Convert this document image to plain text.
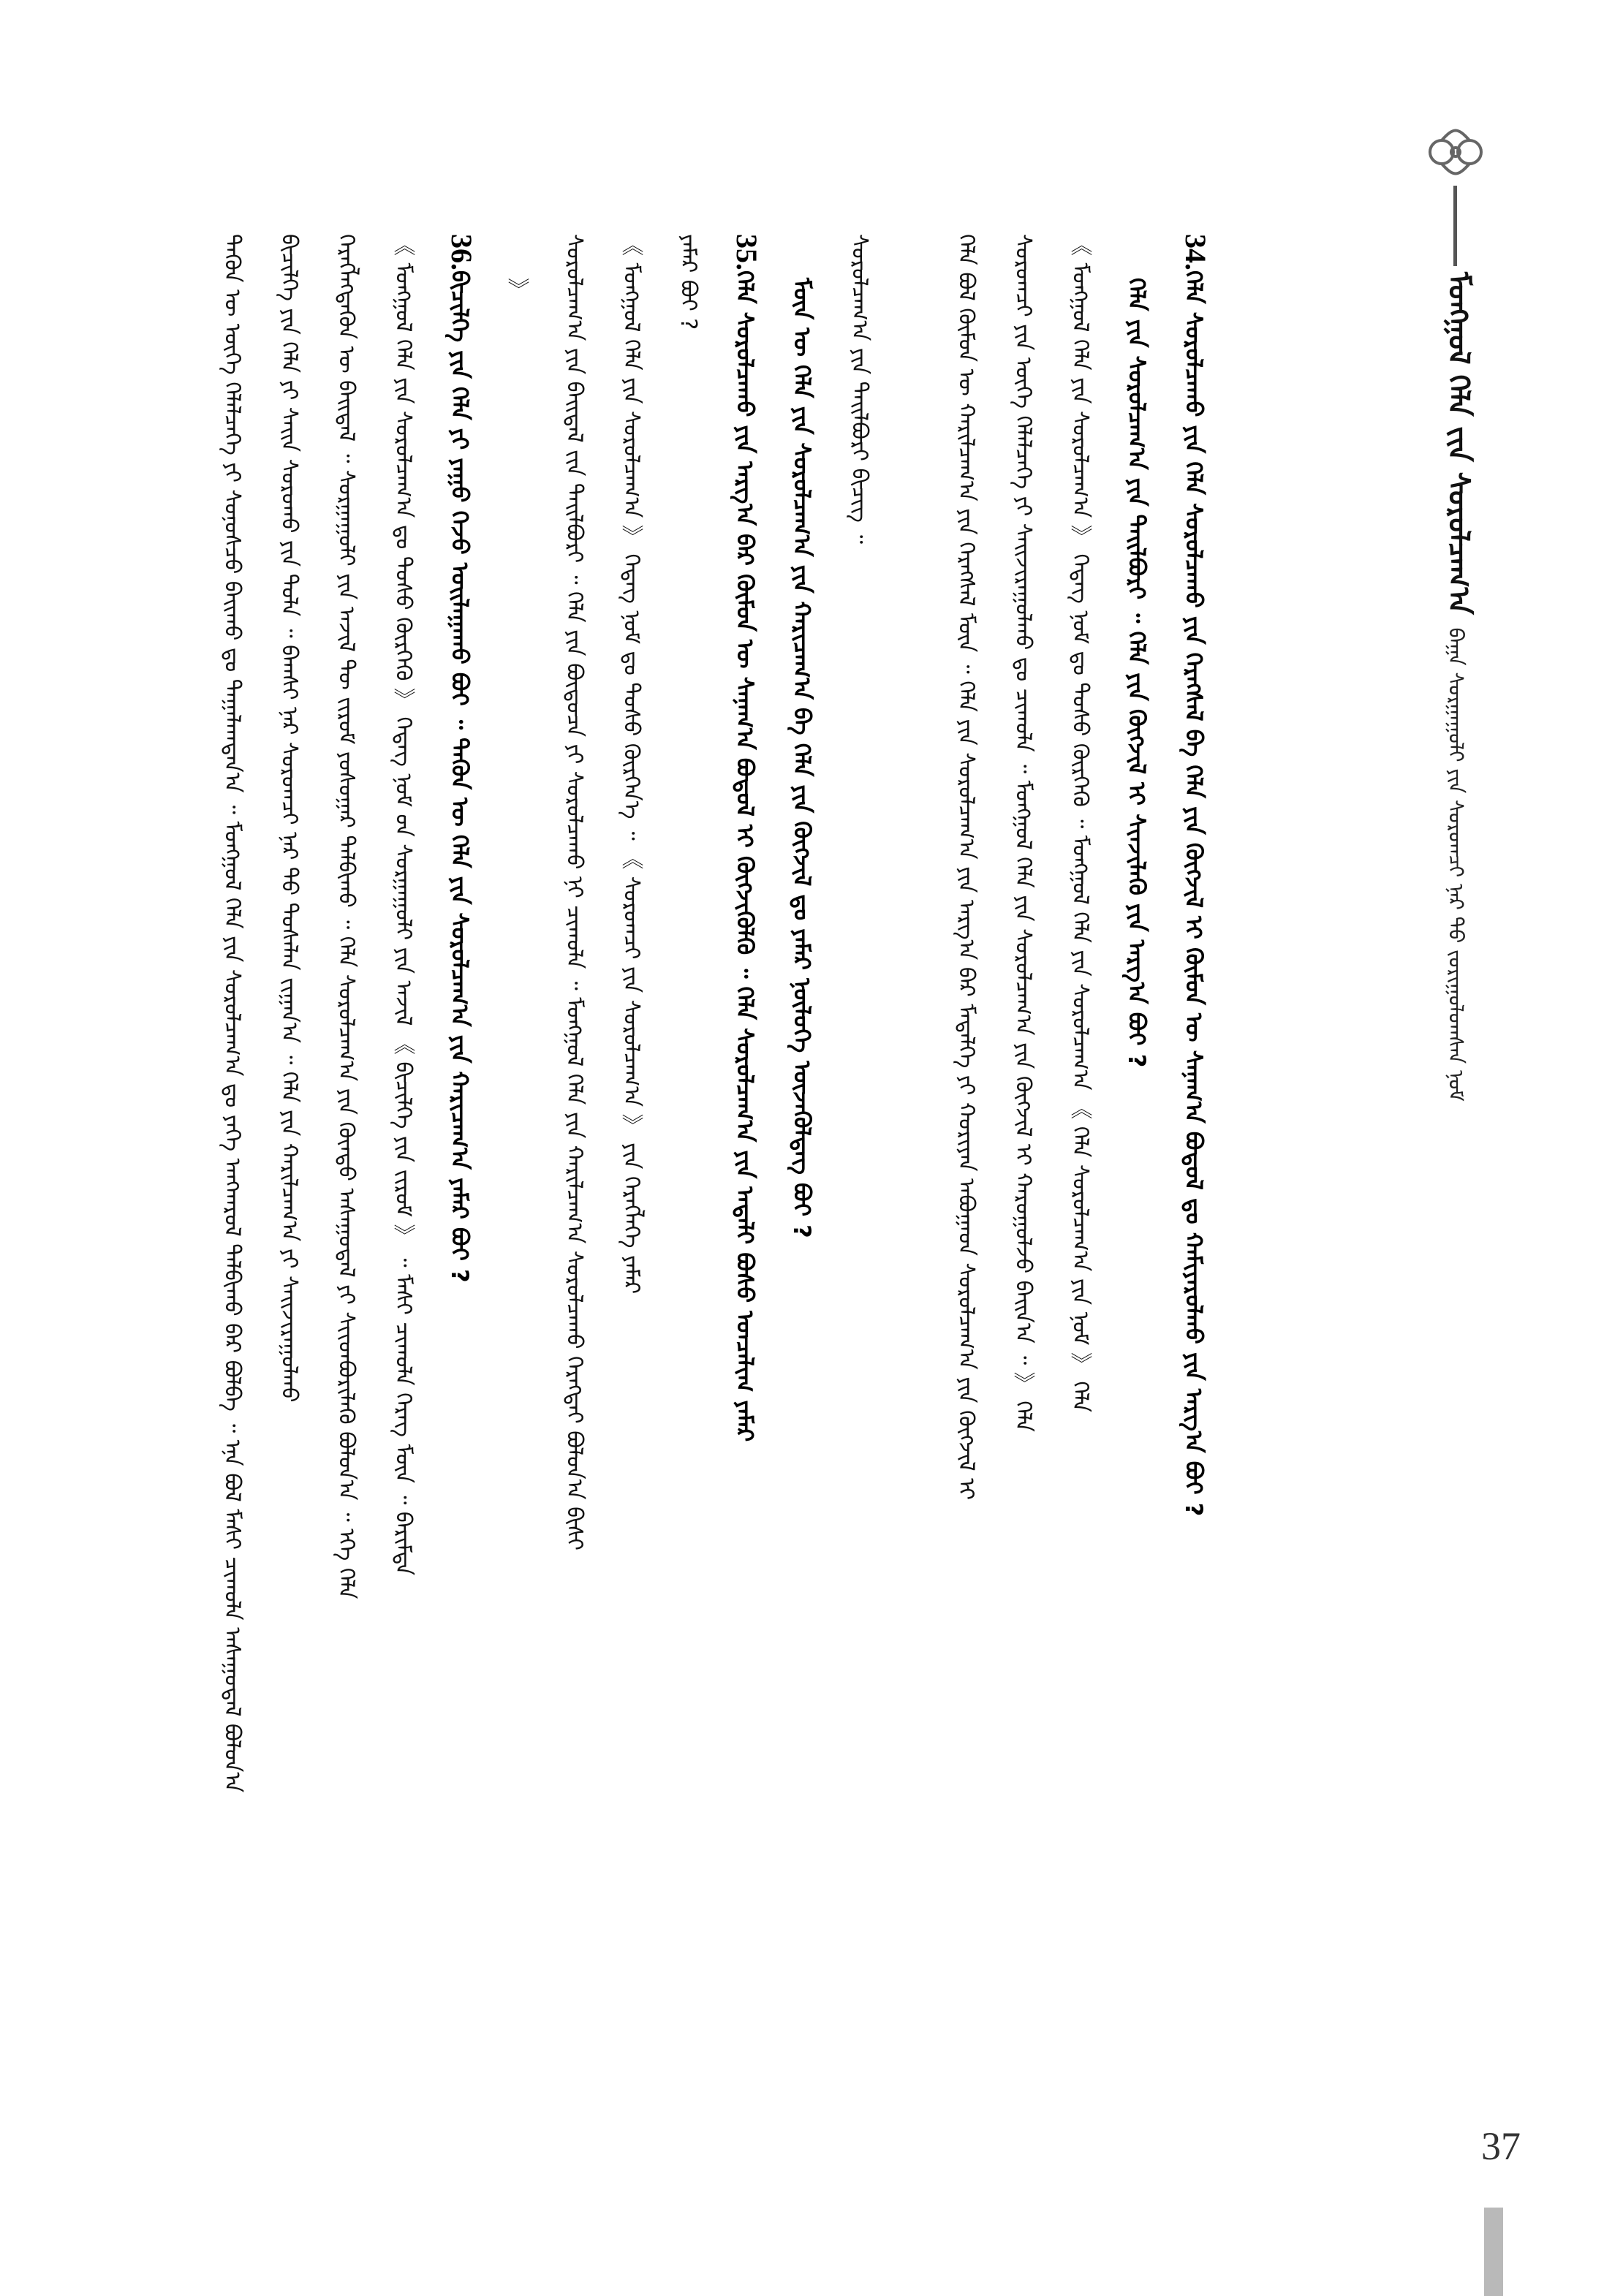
ᠮᠣᠩᠭᠣᠯ ᠬᠡᠯᠡ ᠵᠢᠨ ᠰᠤᠷᠤᠯᠴᠠᠭ᠎ᠠ  ᠪᠠᠭᠠ ᠰᠤᠷᠭᠠᠭᠤᠯᠢ ᠶᠢᠨ ᠰᠤᠷᠤᠭᠴᠢ ᠨᠠᠷ ᠲᠤ᠌ ᠵᠣᠷᠢᠭᠤᠯᠤᠭᠰᠠᠨ ᠨᠣᠮ
ᠲᠡᠭᠦᠨ ᠦ ᠦᠭᠡ ᠬᠡᠯᠡᠯᠴᠡᠭᠡ ᠶᠢ ᠰᠣᠨᠣᠰᠴᠤ ᠪᠠᠢᠬᠤ ᠳᠤ ᠲᠠᠭᠠᠯᠠᠭᠳᠠᠨ᠎ᠠ ᠃ ᠮᠣᠩᠭᠣᠯ ᠬᠡᠯᠡ ᠶᠢᠨ ᠰᠤᠷᠤᠯᠴᠠᠭ᠎ᠠ ᠳᠤ ᠶᠡᠬᠡ ᠠᠨᠭᠬᠠᠷᠤᠯ ᠲᠠᠯᠪᠢᠬᠤ ᠪᠡᠷ ᠪᠣᠯᠪᠠ ᠃ ᠡᠨᠡ ᠪᠣᠯ ᠮᠠᠰᠢ ᠴᠢᠬᠤᠯᠠ ᠠᠰᠠᠭᠤᠳᠠᠯ ᠪᠣᠯᠤᠨ᠎ᠠ	ᠪᠢᠴᠢᠯᠭᠡ ᠶᠢᠨ ᠬᠡᠯᠡ ᠶᠢ ᠰᠠᠢᠨ ᠰᠤᠷᠤᠬᠤ ᠶᠢᠨ ᠲᠤᠯᠠ ᠃ ᠪᠠᠭᠰᠢ ᠨᠠᠷ ᠰᠤᠷᠤᠭᠴᠢ ᠨᠠᠷ ᠲᠤ᠌ ᠲᠤᠰᠠᠯᠠᠨ ᠵᠢᠭᠠᠨ᠎ᠠ ᠃ ᠬᠡᠯᠡ ᠶᠢᠨ ᠬᠠᠷᠢᠯᠴᠠᠭ᠎ᠠ ᠶᠢ ᠰᠠᠢᠵᠢᠷᠠᠭᠤᠯᠬᠤ	ᠬᠡᠷᠡᠭᠯᠡᠭᠳᠡᠬᠦᠨ ᠦ ᠪᠠᠢᠳᠠᠯ ᠃ ᠰᠤᠷᠭᠠᠭᠤᠯᠢ ᠶᠢᠨ ᠠᠵᠢᠯ ᠲᠦ ᠵᠢᠷᠤᠮ ᠶᠣᠰᠣᠭᠠᠷ ᠲᠠᠯᠪᠢᠬᠤ ᠃ ᠬᠡᠯᠡ ᠰᠤᠷᠤᠯᠴᠠᠭ᠎ᠠ ᠶᠢᠨ ᠬᠦᠨᠳᠦ ᠠᠰᠠᠭᠤᠳᠠᠯ ᠶᠢ ᠰᠢᠢᠳᠪᠦᠷᠢᠯᠡᠬᠦ ᠪᠣᠯᠤᠨ᠎ᠠ ᠃ ᠡᠬᠡ ᠬᠡᠯᠡ	《 ᠮᠣᠩᠭᠣᠯ ᠬᠡᠯᠡ ᠶᠢᠨ ᠰᠤᠷᠤᠯᠴᠠᠭ᠎ᠠ ᠳᠤ ᠲᠤᠰᠤ ᠬᠦᠷᠭᠡᠬᠦ 》 ᠭᠡᠳᠡᠭ ᠨᠣᠮ ᠤ᠋ᠨ ᠰᠤᠷᠭᠠᠭᠤᠯᠢ ᠶᠢᠨ ᠠᠵᠢᠯ 《 ᠪᠢᠴᠢᠯᠭᠡ ᠶᠢᠨ ᠵᠢᠷᠤᠮ 》 ᠃ ᠮᠠᠰᠢ ᠴᠢᠬᠤᠯᠠ ᠬᠡᠷᠡᠭ ᠮᠥᠨ ᠃ ᠪᠠᠷᠢᠮᠲᠠ	36.ᠪᠢᠴᠢᠯᠭᠡ ᠶᠢᠨ ᠬᠡᠯᠡ ᠶᠢ ᠶᠠᠭᠤ ᠭᠡᠵᠦ ᠣᠢᠯᠠᠭᠠᠬᠤ ᠪᠣᠢ ᠃ ᠲᠡᠭᠦᠨ ᠦ ᠬᠡᠯᠡ ᠶᠢᠨ ᠰᠤᠷᠤᠯᠴᠠᠭ᠎ᠠ ᠶᠢᠨ ᠬᠠᠷᠢᠴᠠᠭ᠎ᠠ ᠶᠠᠮᠠᠷ ᠪᠣᠢ ?	》	ᠰᠤᠷᠤᠯᠴᠠᠭ᠎ᠠ ᠶᠢᠨ ᠪᠠᠢᠳᠠᠯ ᠵᠢᠨ ᠲᠠᠢᠯᠪᠤᠷᠢ ᠃ ᠬᠡᠯᠡ ᠶᠢᠨ ᠪᠦᠲᠦᠴᠡ ᠶᠢ ᠰᠤᠷᠤᠯᠴᠠᠬᠤ ᠨᠢ ᠴᠢᠬᠤᠯᠠ ᠃ ᠮᠣᠩᠭᠣᠯ ᠬᠡᠯᠡ ᠶᠢᠨ ᠬᠠᠷᠢᠯᠴᠠᠭ᠎ᠠ ᠰᠤᠷᠤᠯᠴᠠᠬᠤ ᠬᠡᠷᠡᠭᠲᠡᠢ ᠪᠣᠯᠤᠨ᠎ᠠ ᠪᠢᠰᠢ	《 ᠮᠣᠩᠭᠣᠯ ᠬᠡᠯᠡ ᠶᠢᠨ ᠰᠤᠷᠤᠯᠴᠠᠭ᠎ᠠ 》 ᠭᠡᠳᠡᠭ ᠨᠣᠮ ᠳᠤ ᠲᠤᠰᠤ ᠬᠦᠷᠭᠡᠨ᠎ᠡ ᠃ 《 ᠰᠤᠷᠤᠭᠴᠢ ᠶᠢᠨ ᠰᠤᠷᠤᠯᠴᠠᠭ᠎ᠠ 》 ᠶᠢᠨ ᠬᠡᠷᠡᠭᠯᠡᠭᠡ ᠶᠠᠮᠠᠷ	ᠶᠠᠮᠠᠷ ᠪᠣᠢ ?	35.ᠬᠡᠯᠡ ᠰᠤᠷᠤᠯᠴᠠᠬᠤ ᠶᠢᠨ ᠠᠷᠭ᠎ᠠ ᠪᠠᠷ ᠬᠦᠮᠦᠨ ᠦ ᠰᠠᠨᠠᠭ᠎ᠠ ᠪᠣᠳᠣᠯ ᠢ ᠬᠥᠭᠵᠢᠭᠦᠯᠬᠦ ᠃ ᠬᠡᠯᠡ ᠰᠤᠷᠤᠯᠴᠠᠭ᠎ᠠ ᠶᠢᠨ ᠠᠳᠠᠯᠢ ᠪᠤᠰᠤ ᠣᠨᠴᠠᠯᠢᠭ ᠶᠠᠮᠠᠷ	ᠮᠥᠨ ᠦ ᠬᠡᠯᠡ ᠶᠢᠨ ᠰᠤᠷᠤᠯᠴᠠᠭ᠎ᠠ ᠶᠢᠨ ᠬᠠᠷᠢᠴᠠᠭ᠎ᠠ ᠪᠠ ᠬᠡᠯᠡ ᠶᠢᠨ ᠬᠥᠭᠵᠢᠯ ᠳᠤ ᠶᠠᠮᠠᠷ ᠨᠥᠯᠦᠭᠡ ᠦᠵᠡᠭᠦᠯᠳᠡᠭ ᠪᠣᠢ ?	ᠰᠤᠷᠤᠯᠴᠠᠭ᠎ᠠ ᠶᠢᠨ ᠲᠠᠢᠯᠪᠤᠷᠢ ᠪᠢᠴᠢᠭ ᠃	ᠬᠡᠯᠡ ᠪᠣᠯ ᠬᠦᠮᠦᠨ ᠦ ᠬᠠᠷᠢᠯᠴᠠᠭ᠎ᠠ ᠶᠢᠨ ᠬᠡᠷᠡᠭᠰᠡᠯ ᠮᠥᠨ ᠃ ᠬᠡᠯᠡ ᠶᠢᠨ ᠰᠤᠷᠤᠯᠴᠠᠭ᠎ᠠ ᠶᠢᠨ ᠠᠷᠭ᠎ᠠ ᠪᠠᠷ ᠮᠡᠳᠡᠯᠭᠡ ᠶᠢ ᠬᠤᠷᠢᠶᠠᠨ ᠠᠪᠤᠭᠠᠳ ᠰᠤᠷᠤᠯᠴᠠᠭ᠎ᠠ ᠶᠢᠨ ᠬᠥᠭᠵᠢᠯ ᠢ	ᠰᠤᠷᠤᠭᠴᠢ ᠶᠢᠨ ᠦᠭᠡ ᠬᠡᠯᠡᠯᠴᠡᠭᠡ ᠶᠢ ᠰᠠᠢᠵᠢᠷᠠᠭᠤᠯᠬᠤ ᠳᠤ ᠴᠢᠬᠤᠯᠠ ᠃ ᠮᠣᠩᠭᠣᠯ ᠬᠡᠯᠡ ᠶᠢᠨ ᠰᠤᠷᠤᠯᠴᠠᠭ᠎ᠠ ᠶᠢᠨ ᠬᠥᠭᠵᠢᠯ ᠢ ᠬᠠᠷᠤᠭᠤᠯᠵᠤ ᠪᠠᠢᠨ᠎ᠠ ᠃ 》 ᠬᠡᠯᠡ	《 ᠮᠣᠩᠭᠣᠯ ᠬᠡᠯᠡ ᠶᠢᠨ ᠰᠤᠷᠤᠯᠴᠠᠭ᠎ᠠ 》 ᠭᠡᠳᠡᠭ ᠨᠣᠮ ᠳᠤ ᠲᠤᠰᠤ ᠬᠦᠷᠭᠡᠬᠦ ᠃ ᠮᠣᠩᠭᠣᠯ ᠬᠡᠯᠡ ᠶᠢᠨ ᠰᠤᠷᠤᠯᠴᠠᠭ᠎ᠠ 《 ᠬᠡᠯᠡ ᠰᠤᠷᠤᠯᠴᠠᠭ᠎ᠠ ᠶᠢᠨ ᠨᠣᠮ 》 ᠬᠡᠯᠡ	ᠬᠡᠯᠡ ᠶᠢᠨ ᠰᠤᠷᠤᠯᠴᠠᠭ᠎ᠠ ᠶᠢᠨ ᠲᠠᠢᠯᠪᠤᠷᠢ ᠃ ᠬᠡᠯᠡ ᠶᠢᠨ ᠬᠥᠭᠵᠢᠯ ᠢ ᠰᠢᠨᠵᠢᠯᠡᠬᠦ ᠶᠢᠨ ᠠᠷᠭ᠎ᠠ ᠪᠣᠢ ?
34.ᠬᠡᠯᠡ ᠰᠤᠷᠤᠯᠴᠠᠬᠤ ᠶᠢᠨ ᠬᠡᠯᠡ ᠰᠤᠷᠤᠯᠴᠠᠬᠤ ᠶᠢᠨ ᠬᠡᠷᠡᠭᠰᠡᠯ ᠪᠠ ᠬᠡᠯᠡ ᠶᠢᠨ ᠬᠥᠭᠵᠢᠯ ᠢ ᠬᠦᠮᠦᠨ ᠦ ᠰᠠᠨᠠᠭ᠎ᠠ ᠪᠣᠳᠣᠯ ᠳᠤ ᠬᠠᠮᠢᠶᠠᠷᠤᠯᠬᠤ ᠶᠢᠨ ᠠᠷᠭ᠎ᠠ ᠪᠣᠢ ?
37
